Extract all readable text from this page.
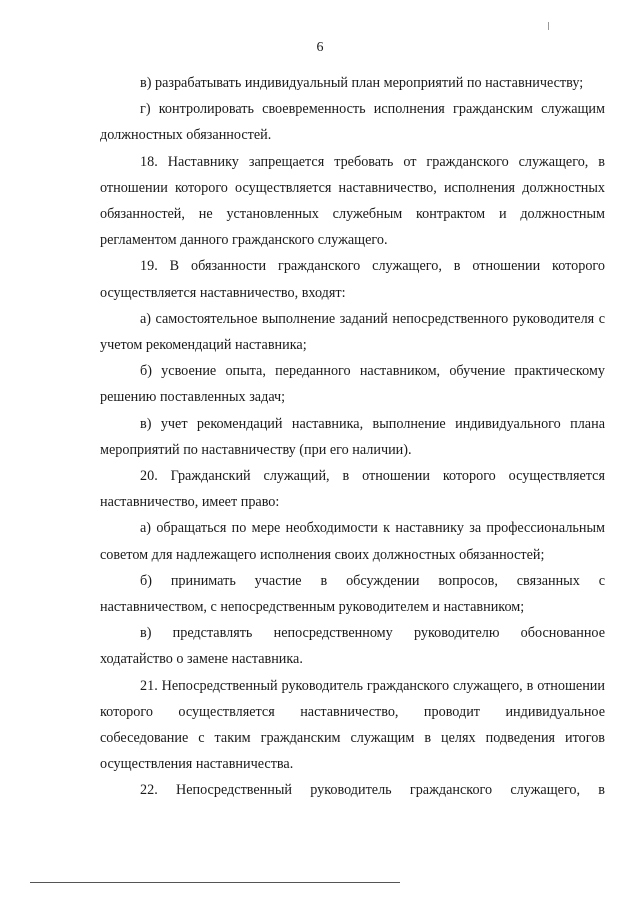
6

в) разрабатывать индивидуальный план мероприятий по наставничеству;

г) контролировать своевременность исполнения гражданским служащим должностных обязанностей.

18. Наставнику запрещается требовать от гражданского служащего, в отношении которого осуществляется наставничество, исполнения должностных обязанностей, не установленных служебным контрактом и должностным регламентом данного гражданского служащего.

19. В обязанности гражданского служащего, в отношении которого осуществляется наставничество, входят:

а) самостоятельное выполнение заданий непосредственного руководителя с учетом рекомендаций наставника;

б) усвоение опыта, переданного наставником, обучение практическому решению поставленных задач;

в) учет рекомендаций наставника, выполнение индивидуального плана мероприятий по наставничеству (при его наличии).

20. Гражданский служащий, в отношении которого осуществляется наставничество, имеет право:

а) обращаться по мере необходимости к наставнику за профессиональным советом для надлежащего исполнения своих должностных обязанностей;

б) принимать участие в обсуждении вопросов, связанных с наставничеством, с непосредственным руководителем и наставником;

в) представлять непосредственному руководителю обоснованное ходатайство о замене наставника.

21. Непосредственный руководитель гражданского служащего, в отношении которого осуществляется наставничество, проводит индивидуальное собеседование с таким гражданским служащим в целях подведения итогов осуществления наставничества.

22. Непосредственный руководитель гражданского служащего, в
